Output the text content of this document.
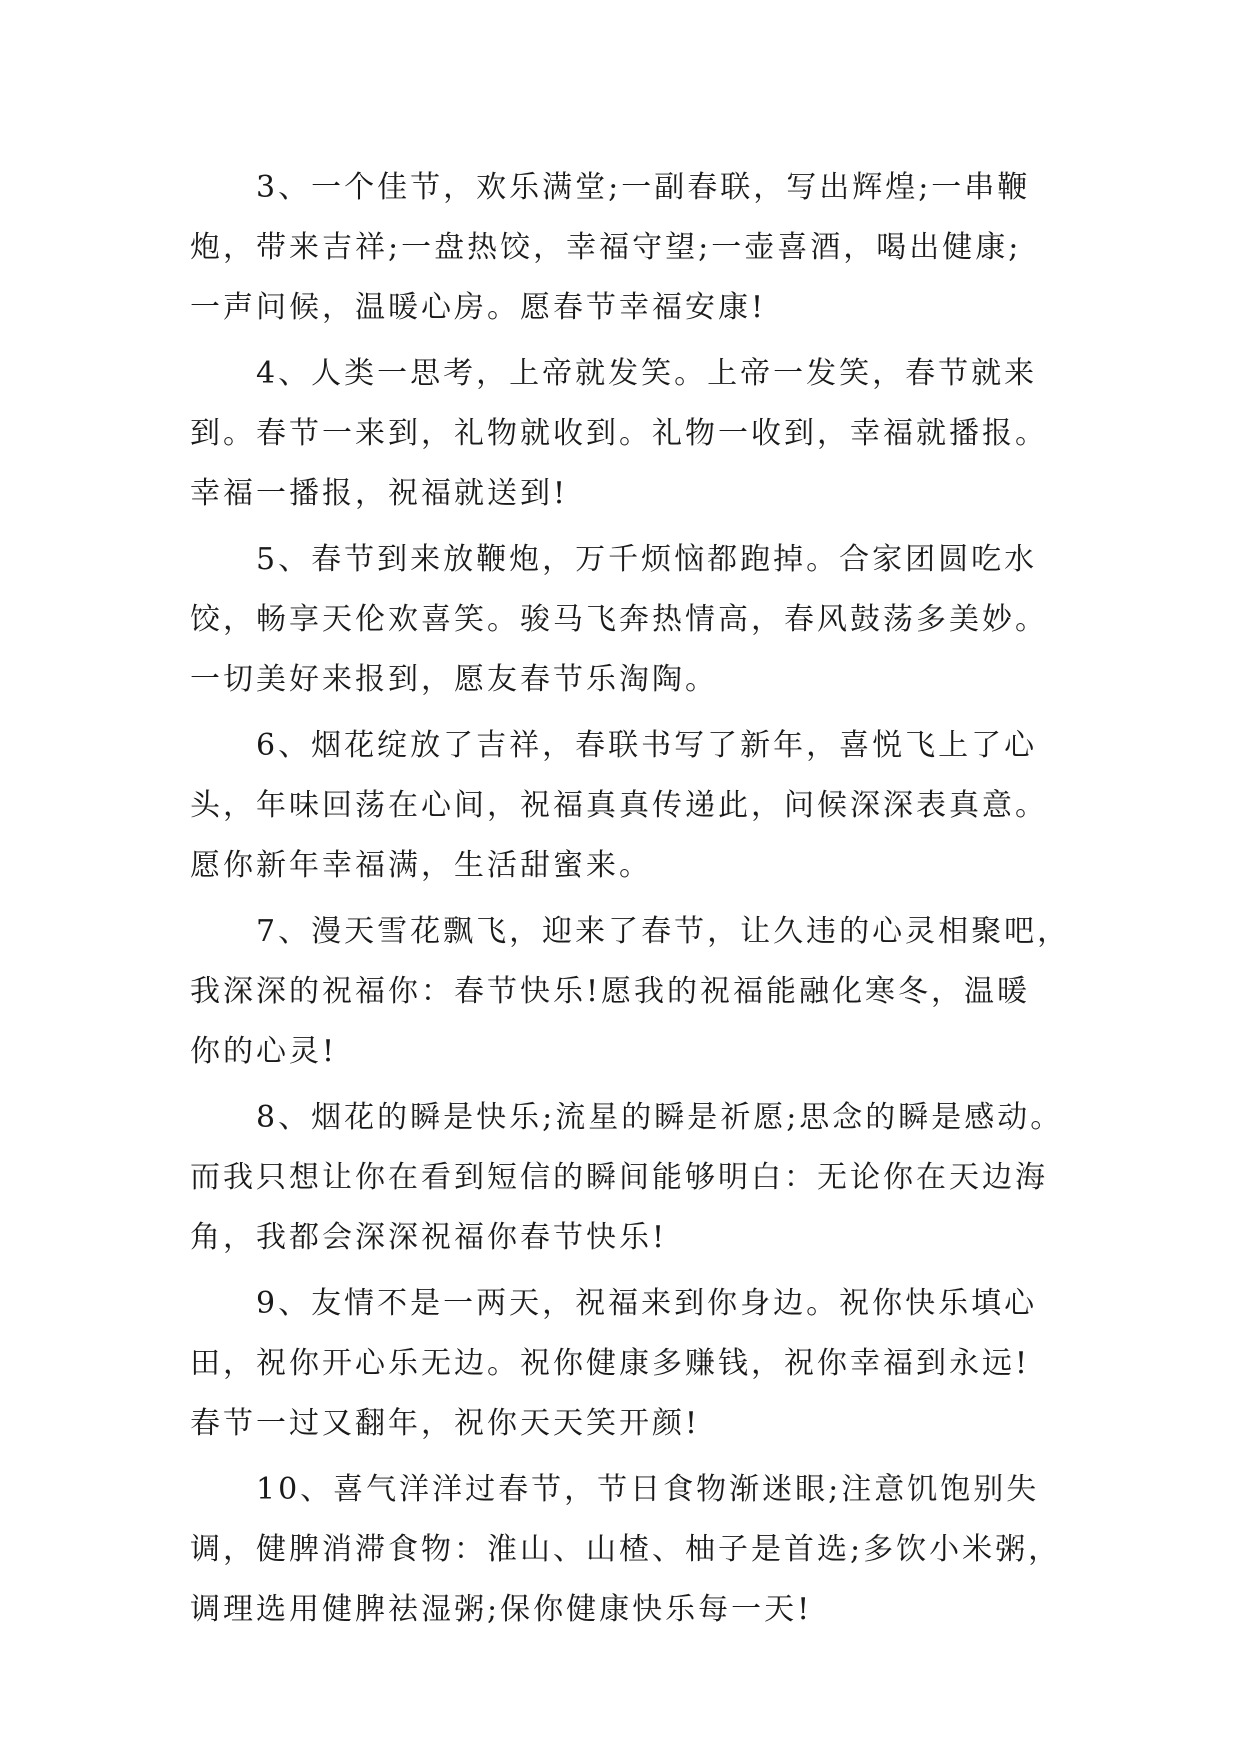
3、一个佳节，欢乐满堂;一副春联，写出辉煌;一串鞭
炮，带来吉祥;一盘热饺，幸福守望;一壶喜酒，喝出健康;
一声问候，温暖心房。愿春节幸福安康!

4、人类一思考，上帝就发笑。上帝一发笑，春节就来
到。春节一来到，礼物就收到。礼物一收到，幸福就播报。
幸福一播报，祝福就送到!

5、春节到来放鞭炮，万千烦恼都跑掉。合家团圆吃水
饺，畅享天伦欢喜笑。骏马飞奔热情高，春风鼓荡多美妙。
一切美好来报到，愿友春节乐淘陶。

6、烟花绽放了吉祥，春联书写了新年，喜悦飞上了心
头，年味回荡在心间，祝福真真传递此，问候深深表真意。
愿你新年幸福满，生活甜蜜来。

7、漫天雪花飘飞，迎来了春节，让久违的心灵相聚吧，
我深深的祝福你：春节快乐!愿我的祝福能融化寒冬，温暖
你的心灵!

8、烟花的瞬是快乐;流星的瞬是祈愿;思念的瞬是感动。
而我只想让你在看到短信的瞬间能够明白：无论你在天边海
角，我都会深深祝福你春节快乐!

9、友情不是一两天，祝福来到你身边。祝你快乐填心
田，祝你开心乐无边。祝你健康多赚钱，祝你幸福到永远!
春节一过又翻年，祝你天天笑开颜!

10、喜气洋洋过春节，节日食物渐迷眼;注意饥饱别失
调，健脾消滞食物：淮山、山楂、柚子是首选;多饮小米粥，
调理选用健脾祛湿粥;保你健康快乐每一天!
